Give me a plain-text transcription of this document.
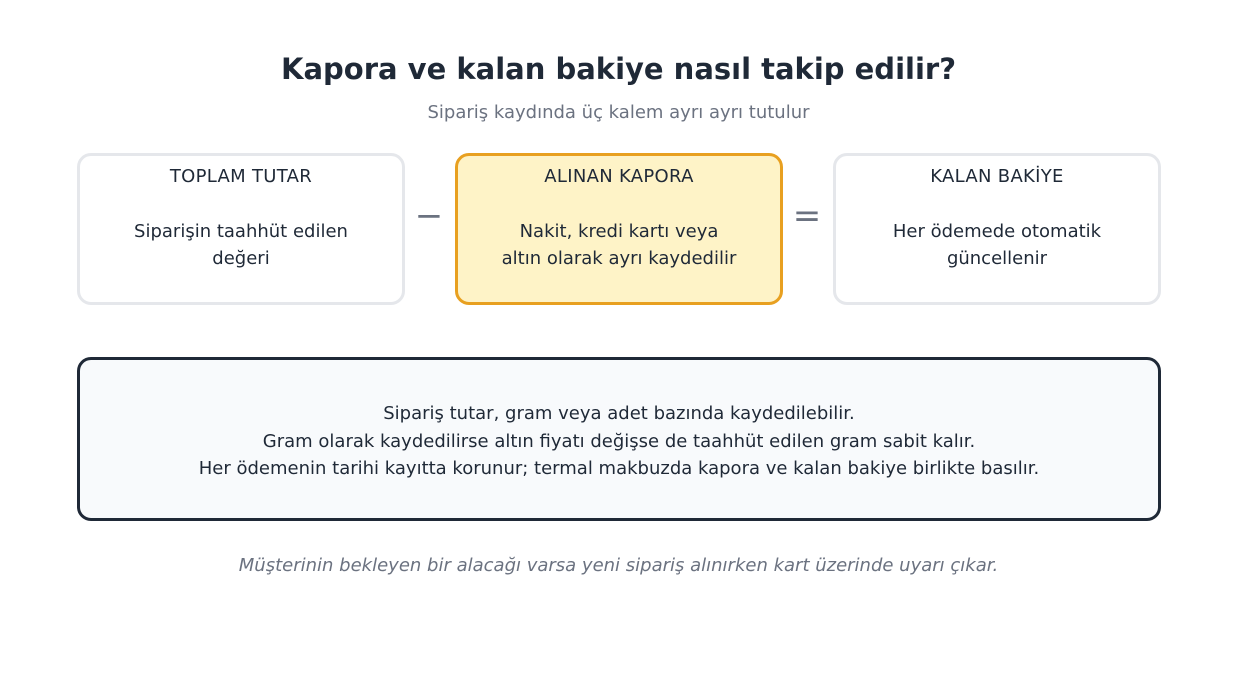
Kapora ve kalan bakiye nasıl takip edilir?
Sipariş kaydında üç kalem ayrı ayrı tutulur
TOPLAM TUTAR
Siparişin taahhüt edilen değeri
−
ALINAN KAPORA
Nakit, kredi kartı veya altın olarak ayrı kaydedilir
=
KALAN BAKİYE
Her ödemede otomatik güncellenir
Sipariş tutar, gram veya adet bazında kaydedilebilir.
Gram olarak kaydedilirse altın fiyatı değişse de taahhüt edilen gram sabit kalır.
Her ödemenin tarihi kayıtta korunur; termal makbuzda kapora ve kalan bakiye birlikte basılır.
Müşterinin bekleyen bir alacağı varsa yeni sipariş alınırken kart üzerinde uyarı çıkar.
